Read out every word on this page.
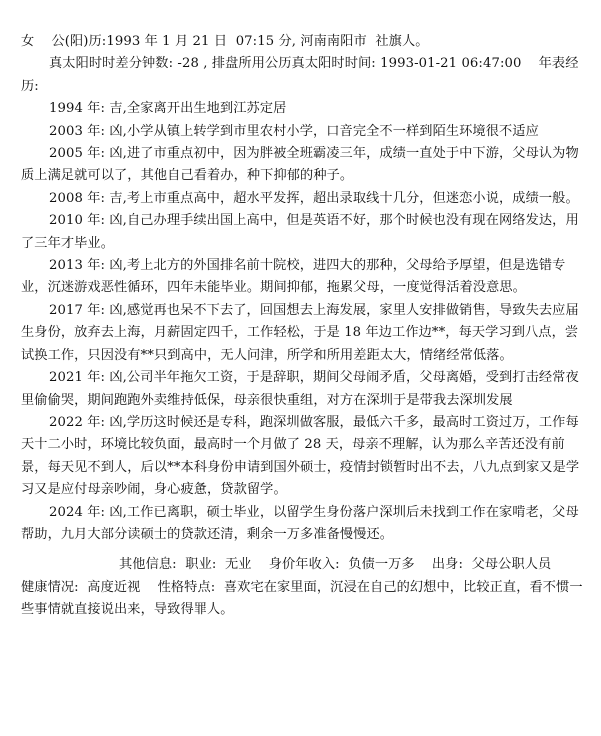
女    公(阳)历:1993 年 1 月 21 日  07:15 分, 河南南阳市  社旗人。

真太阳时时差分钟数: -28 , 排盘所用公历真太阳时时间: 1993-01-21 06:47:00    年表经

历:

1994 年: 吉,全家离开出生地到江苏定居

2003 年: 凶,小学从镇上转学到市里农村小学，口音完全不一样到陌生环境很不适应

2005 年: 凶,进了市重点初中，因为胖被全班霸凌三年，成绩一直处于中下游，父母认为物质上满足就可以了，其他自己看着办，种下抑郁的种子。

2008 年: 吉,考上市重点高中，超水平发挥，超出录取线十几分，但迷恋小说，成绩一般。

2010 年: 凶,自己办理手续出国上高中，但是英语不好，那个时候也没有现在网络发达，用了三年才毕业。

2013 年: 凶,考上北方的外国排名前十院校，进四大的那种，父母给予厚望，但是选错专业，沉迷游戏恶性循环，四年未能毕业。期间抑郁，拖累父母，一度觉得活着没意思。

2017 年: 凶,感觉再也呆不下去了，回国想去上海发展，家里人安排做销售，导致失去应届生身份，放弃去上海，月薪固定四千，工作轻松，于是 18 年边工作边**，每天学习到八点，尝试换工作，只因没有**只到高中，无人问津，所学和所用差距太大，情绪经常低落。

2021 年: 凶,公司半年拖欠工资，于是辞职，期间父母闹矛盾，父母离婚，受到打击经常夜里偷偷哭，期间跑跑外卖维持低保，母亲很快重组，对方在深圳于是带我去深圳发展

2022 年: 凶,学历这时候还是专科，跑深圳做客服，最低六千多，最高时工资过万，工作每天十二小时，环境比较负面，最高时一个月做了 28 天，母亲不理解，认为那么辛苦还没有前景，每天见不到人，后以**本科身份申请到国外硕士，疫情封锁暂时出不去，八九点到家又是学习又是应付母亲吵闹，身心疲惫，贷款留学。

2024 年: 凶,工作已离职，硕士毕业，以留学生身份落户深圳后未找到工作在家啃老，父母帮助，九月大部分读硕士的贷款还清，剩余一万多准备慢慢还。

其他信息:  职业:  无业    身价年收入:  负债一万多    出身:  父母公职人员

健康情况:  高度近视    性格特点:  喜欢宅在家里面，沉浸在自己的幻想中，比较正直，看不惯一些事情就直接说出来，导致得罪人。
